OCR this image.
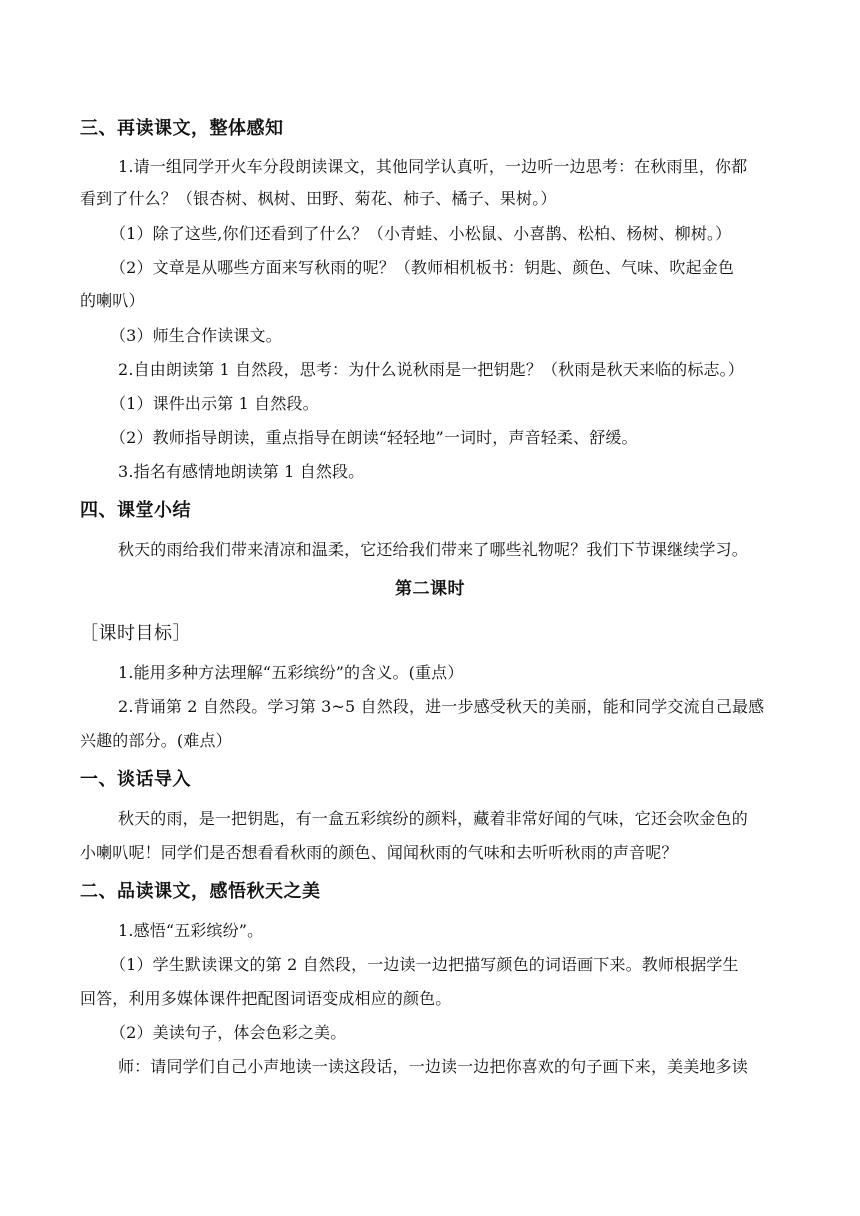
三、再读课文，整体感知
1.请一组同学开火车分段朗读课文，其他同学认真听，一边听一边思考：在秋雨里，你都
看到了什么？（银杏树、枫树、田野、菊花、柿子、橘子、果树。）
（1）除了这些,你们还看到了什么？（小青蛙、小松鼠、小喜鹊、松柏、杨树、柳树。）
（2）文章是从哪些方面来写秋雨的呢？（教师相机板书：钥匙、颜色、气味、吹起金色
的喇叭）
（3）师生合作读课文。
2.自由朗读第 1 自然段，思考：为什么说秋雨是一把钥匙？（秋雨是秋天来临的标志。）
（1）课件出示第 1 自然段。
（2）教师指导朗读，重点指导在朗读“轻轻地”一词时，声音轻柔、舒缓。
3.指名有感情地朗读第 1 自然段。
四、课堂小结
秋天的雨给我们带来清凉和温柔，它还给我们带来了哪些礼物呢？我们下节课继续学习。
第二课时
［课时目标］
1.能用多种方法理解“五彩缤纷”的含义。(重点）
2.背诵第 2 自然段。学习第 3~5 自然段，进一步感受秋天的美丽，能和同学交流自己最感
兴趣的部分。(难点）
一、谈话导入
秋天的雨，是一把钥匙，有一盒五彩缤纷的颜料，藏着非常好闻的气味，它还会吹金色的
小喇叭呢！同学们是否想看看秋雨的颜色、闻闻秋雨的气味和去听听秋雨的声音呢？
二、品读课文，感悟秋天之美
1.感悟“五彩缤纷”。
（1）学生默读课文的第 2 自然段，一边读一边把描写颜色的词语画下来。教师根据学生
回答，利用多媒体课件把配图词语变成相应的颜色。
（2）美读句子，体会色彩之美。
师：请同学们自己小声地读一读这段话，一边读一边把你喜欢的句子画下来，美美地多读
